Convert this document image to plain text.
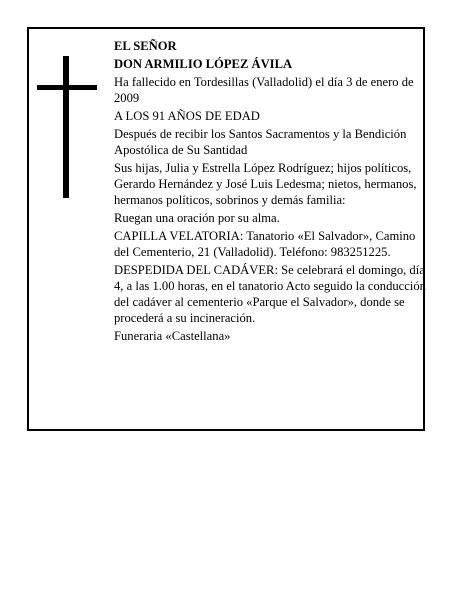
EL SEÑOR

DON ARMILIO LÓPEZ ÁVILA

Ha fallecido en Tordesillas (Valladolid) el día 3 de enero de 2009

A LOS 91 AÑOS DE EDAD

Después de recibir los Santos Sacramentos y la Bendición Apostólica de Su Santidad

Sus hijas, Julia y Estrella López Rodríguez; hijos políticos, Gerardo Hernández y José Luis Ledesma; nietos, hermanos, hermanos políticos, sobrinos y demás familia:

Ruegan una oración por su alma.

CAPILLA VELATORIA: Tanatorio «El Salvador», Camino del Cementerio, 21 (Valladolid). Teléfono: 983251225.

DESPEDIDA DEL CADÁVER: Se celebrará el domingo, día 4, a las 1.00 horas, en el tanatorio Acto seguido la conducción del cadáver al cementerio «Parque el Salvador», donde se procederá a su incineración.

Funeraria «Castellana»
